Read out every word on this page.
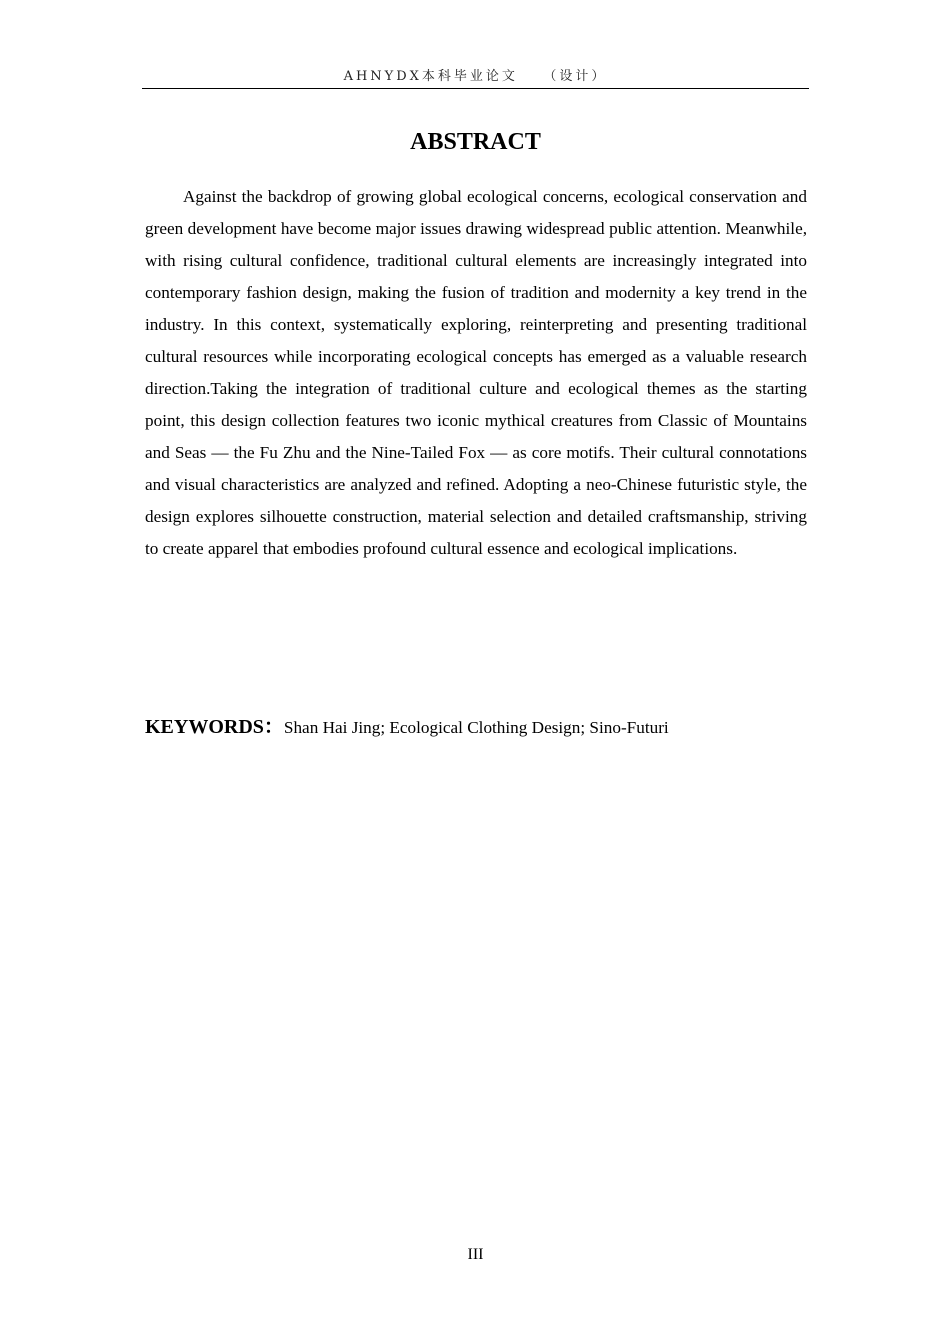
AHNYDX本科毕业论文　　（设计）
ABSTRACT

Against the backdrop of growing global ecological concerns, ecological conservation and green development have become major issues drawing widespread public attention. Meanwhile, with rising cultural confidence, traditional cultural elements are increasingly integrated into contemporary fashion design, making the fusion of tradition and modernity a key trend in the industry. In this context, systematically exploring, reinterpreting and presenting traditional cultural resources while incorporating ecological concepts has emerged as a valuable research direction.Taking the integration of traditional culture and ecological themes as the starting point, this design collection features two iconic mythical creatures from Classic of Mountains and Seas — the Fu Zhu and the Nine-Tailed Fox — as core motifs. Their cultural connotations and visual characteristics are analyzed and refined. Adopting a neo-Chinese futuristic style, the design explores silhouette construction, material selection and detailed craftsmanship, striving to create apparel that embodies profound cultural essence and ecological implications.

KEYWORDS：Shan Hai Jing; Ecological Clothing Design; Sino-Futuri

III
